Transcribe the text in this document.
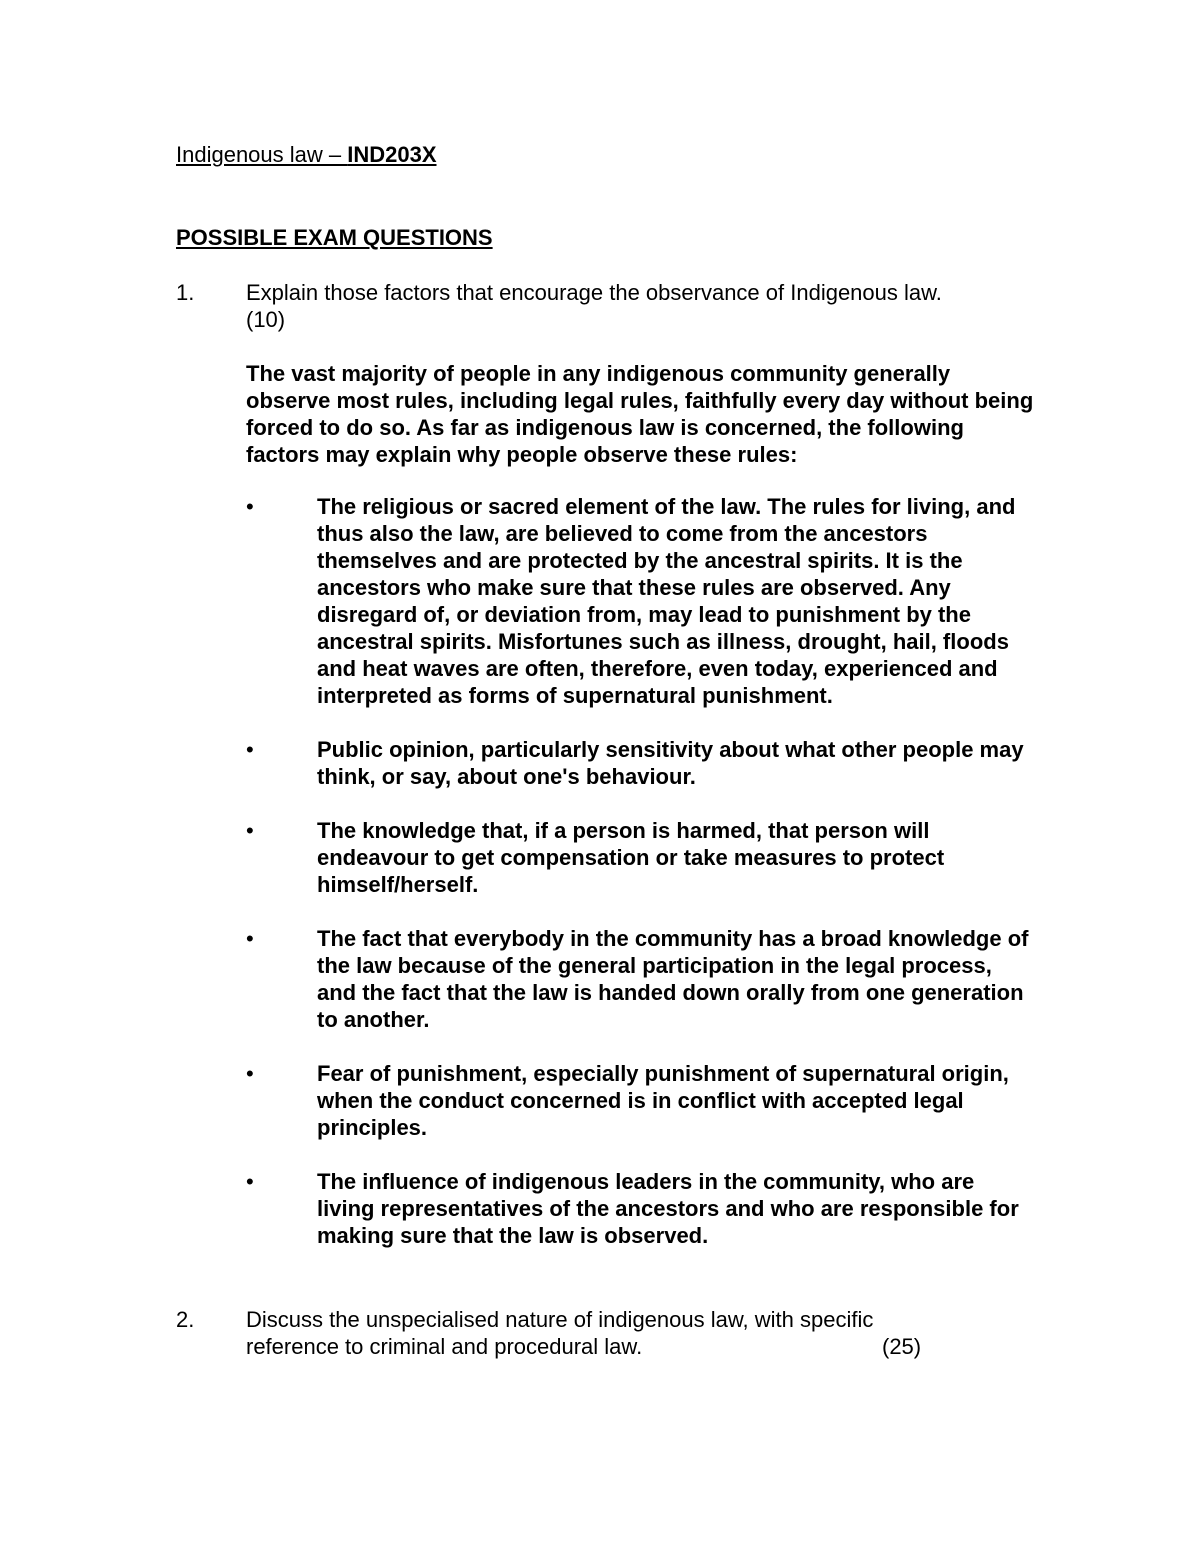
Indigenous law – IND203X
POSSIBLE EXAM QUESTIONS
1. Explain those factors that encourage the observance of Indigenous law.
(10)
The vast majority of people in any indigenous community generally observe most rules, including legal rules, faithfully every day without being forced to do so. As far as indigenous law is concerned, the following factors may explain why people observe these rules:
•	The religious or sacred element of the law. The rules for living, and thus also the law, are believed to come from the ancestors themselves and are protected by the ancestral spirits. It is the ancestors who make sure that these rules are observed. Any disregard of, or deviation from, may lead to punishment by the ancestral spirits. Misfortunes such as illness, drought, hail, floods and heat waves are often, therefore, even today, experienced and interpreted as forms of supernatural punishment.
•	Public opinion, particularly sensitivity about what other people may think, or say, about one's behaviour.
•	The knowledge that, if a person is harmed, that person will endeavour to get compensation or take measures to protect himself/herself.
•	The fact that everybody in the community has a broad knowledge of the law because of the general participation in the legal process, and the fact that the law is handed down orally from one generation to another.
•	Fear of punishment, especially punishment of supernatural origin, when the conduct concerned is in conflict with accepted legal principles.
•	The influence of indigenous leaders in the community, who are living representatives of the ancestors and who are responsible for making sure that the law is observed.
2. Discuss the unspecialised nature of indigenous law, with specific
reference to criminal and procedural law.	(25)
